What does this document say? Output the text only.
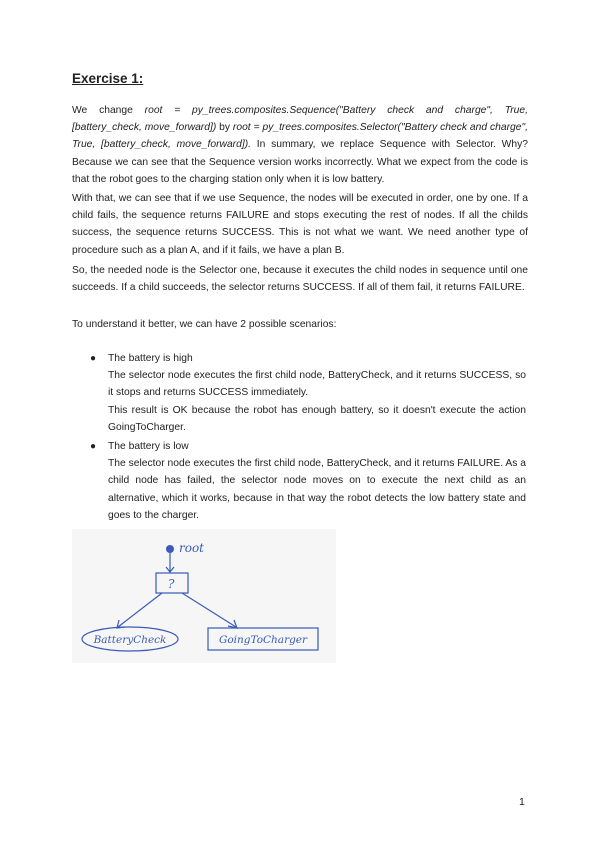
Exercise 1:

We change root = py_trees.composites.Sequence("Battery check and charge", True, [battery_check, move_forward]) by root = py_trees.composites.Selector("Battery check and charge", True, [battery_check, move_forward]). In summary, we replace Sequence with Selector. Why? Because we can see that the Sequence version works incorrectly. What we expect from the code is that the robot goes to the charging station only when it is low battery.

With that, we can see that if we use Sequence, the nodes will be executed in order, one by one. If a child fails, the sequence returns FAILURE and stops executing the rest of nodes. If all the childs success, the sequence returns SUCCESS. This is not what we want. We need another type of procedure such as a plan A, and if it fails, we have a plan B.

So, the needed node is the Selector one, because it executes the child nodes in sequence until one succeeds. If a child succeeds, the selector returns SUCCESS. If all of them fail, it returns FAILURE.

To understand it better, we can have 2 possible scenarios:

● The battery is high
The selector node executes the first child node, BatteryCheck, and it returns SUCCESS, so it stops and returns SUCCESS immediately.
This result is OK because the robot has enough battery, so it doesn't execute the action GoingToCharger.
● The battery is low
The selector node executes the first child node, BatteryCheck, and it returns FAILURE. As a child node has failed, the selector node moves on to execute the next child as an alternative, which it works, because in that way the robot detects the low battery state and goes to the charger.
root
?
BatteryCheck	GoingToCharger
1
